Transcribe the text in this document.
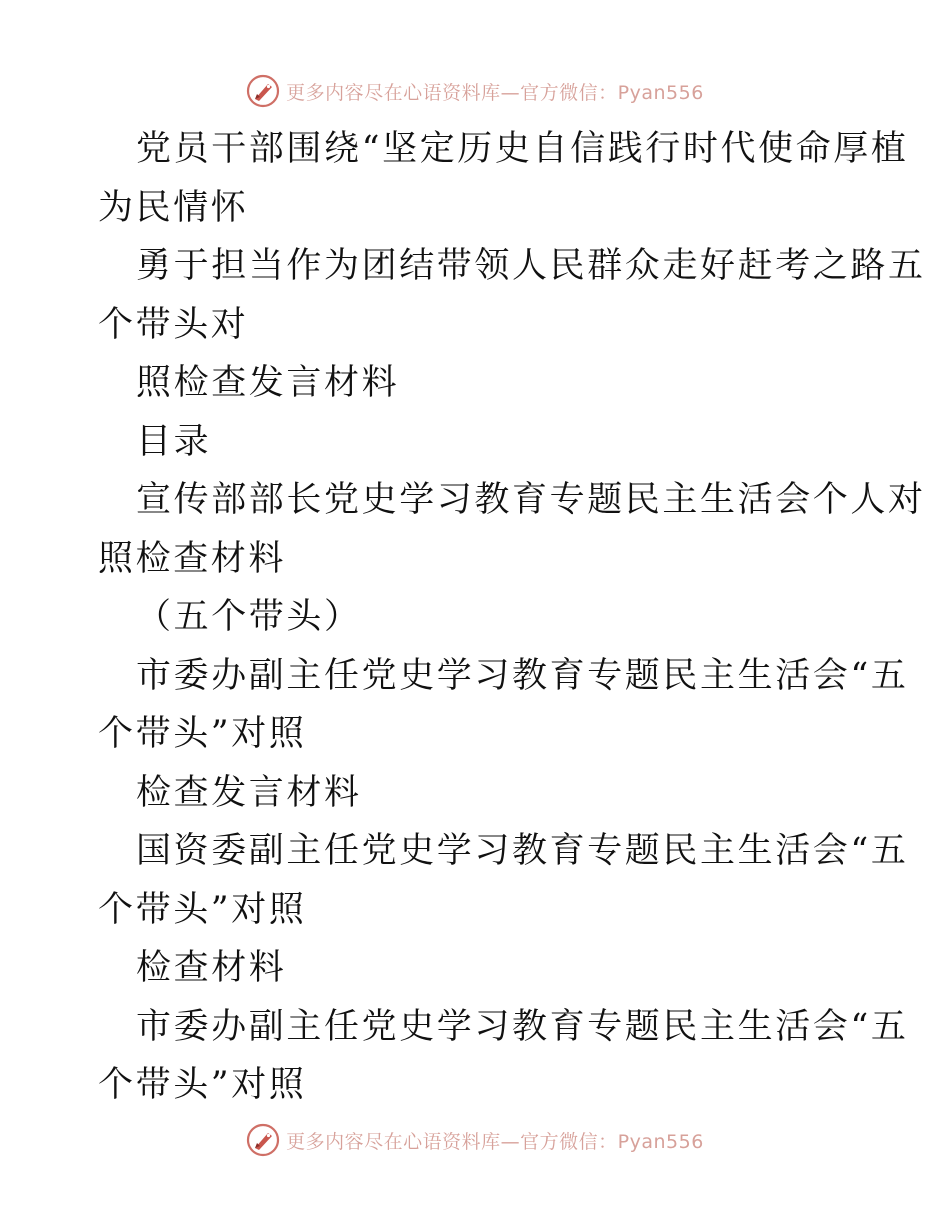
更多内容尽在心语资料库—官方微信：Pyan556
党员干部围绕“坚定历史自信践行时代使命厚植
为民情怀
勇于担当作为团结带领人民群众走好赶考之路五
个带头对
照检查发言材料
目录
宣传部部长党史学习教育专题民主生活会个人对
照检查材料
（五个带头）
市委办副主任党史学习教育专题民主生活会“五
个带头”对照
检查发言材料
国资委副主任党史学习教育专题民主生活会“五
个带头”对照
检查材料
市委办副主任党史学习教育专题民主生活会“五
个带头”对照
更多内容尽在心语资料库—官方微信：Pyan556
